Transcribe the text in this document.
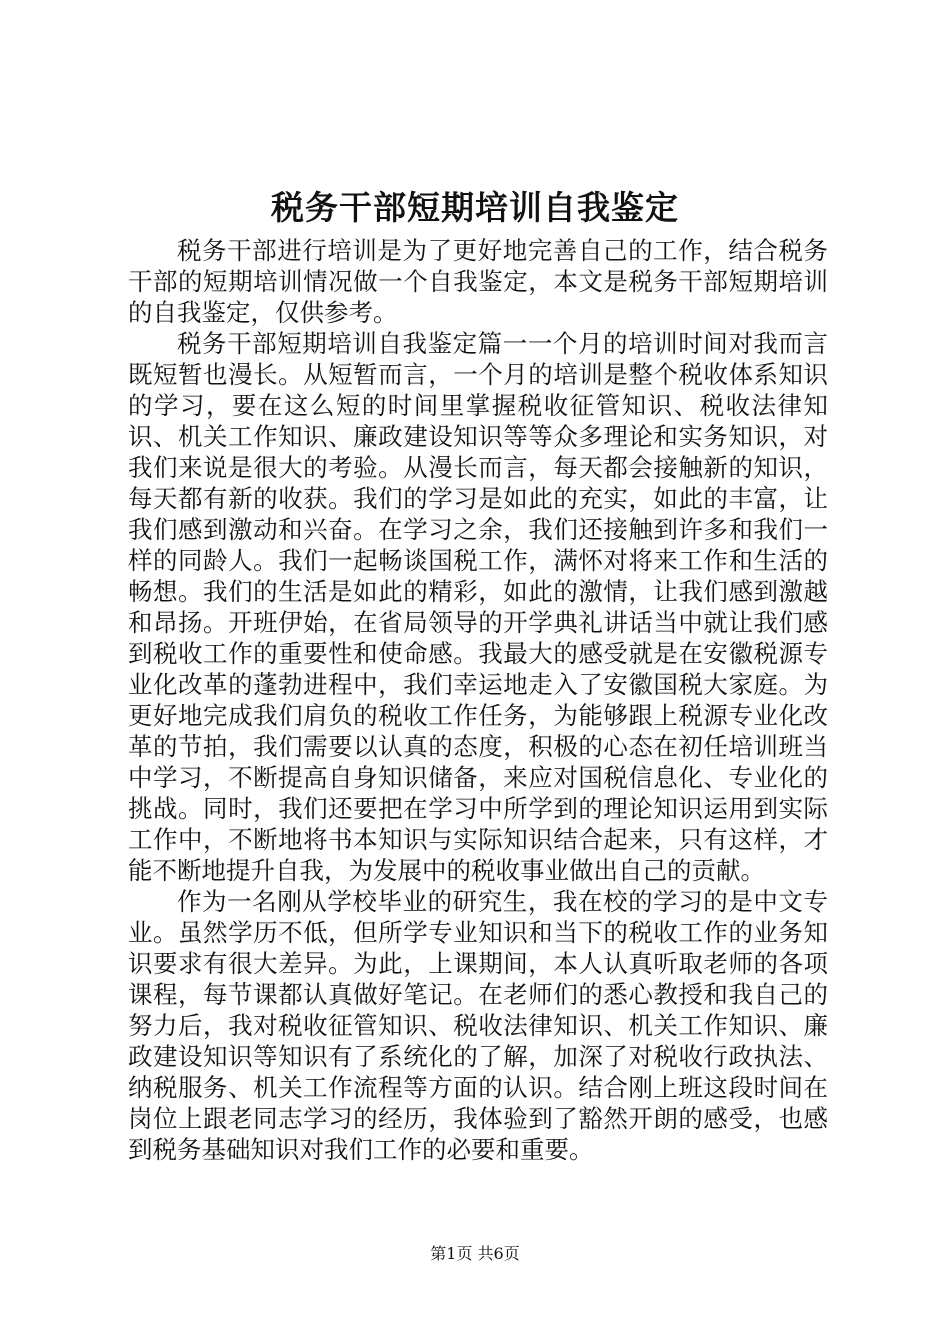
税务干部短期培训自我鉴定

税务干部进行培训是为了更好地完善自己的工作，结合税务干部的短期培训情况做一个自我鉴定，本文是税务干部短期培训的自我鉴定，仅供参考。

税务干部短期培训自我鉴定篇一一个月的培训时间对我而言既短暂也漫长。从短暂而言，一个月的培训是整个税收体系知识的学习，要在这么短的时间里掌握税收征管知识、税收法律知识、机关工作知识、廉政建设知识等等众多理论和实务知识，对我们来说是很大的考验。从漫长而言，每天都会接触新的知识，每天都有新的收获。我们的学习是如此的充实，如此的丰富，让我们感到激动和兴奋。在学习之余，我们还接触到许多和我们一样的同龄人。我们一起畅谈国税工作，满怀对将来工作和生活的畅想。我们的生活是如此的精彩，如此的激情，让我们感到激越和昂扬。开班伊始，在省局领导的开学典礼讲话当中就让我们感到税收工作的重要性和使命感。我最大的感受就是在安徽税源专业化改革的蓬勃进程中，我们幸运地走入了安徽国税大家庭。为更好地完成我们肩负的税收工作任务，为能够跟上税源专业化改革的节拍，我们需要以认真的态度，积极的心态在初任培训班当中学习，不断提高自身知识储备，来应对国税信息化、专业化的挑战。同时，我们还要把在学习中所学到的理论知识运用到实际工作中，不断地将书本知识与实际知识结合起来，只有这样，才能不断地提升自我，为发展中的税收事业做出自己的贡献。

作为一名刚从学校毕业的研究生，我在校的学习的是中文专业。虽然学历不低，但所学专业知识和当下的税收工作的业务知识要求有很大差异。为此，上课期间，本人认真听取老师的各项课程，每节课都认真做好笔记。在老师们的悉心教授和我自己的努力后，我对税收征管知识、税收法律知识、机关工作知识、廉政建设知识等知识有了系统化的了解，加深了对税收行政执法、纳税服务、机关工作流程等方面的认识。结合刚上班这段时间在岗位上跟老同志学习的经历，我体验到了豁然开朗的感受，也感到税务基础知识对我们工作的必要和重要。

第1页 共6页
